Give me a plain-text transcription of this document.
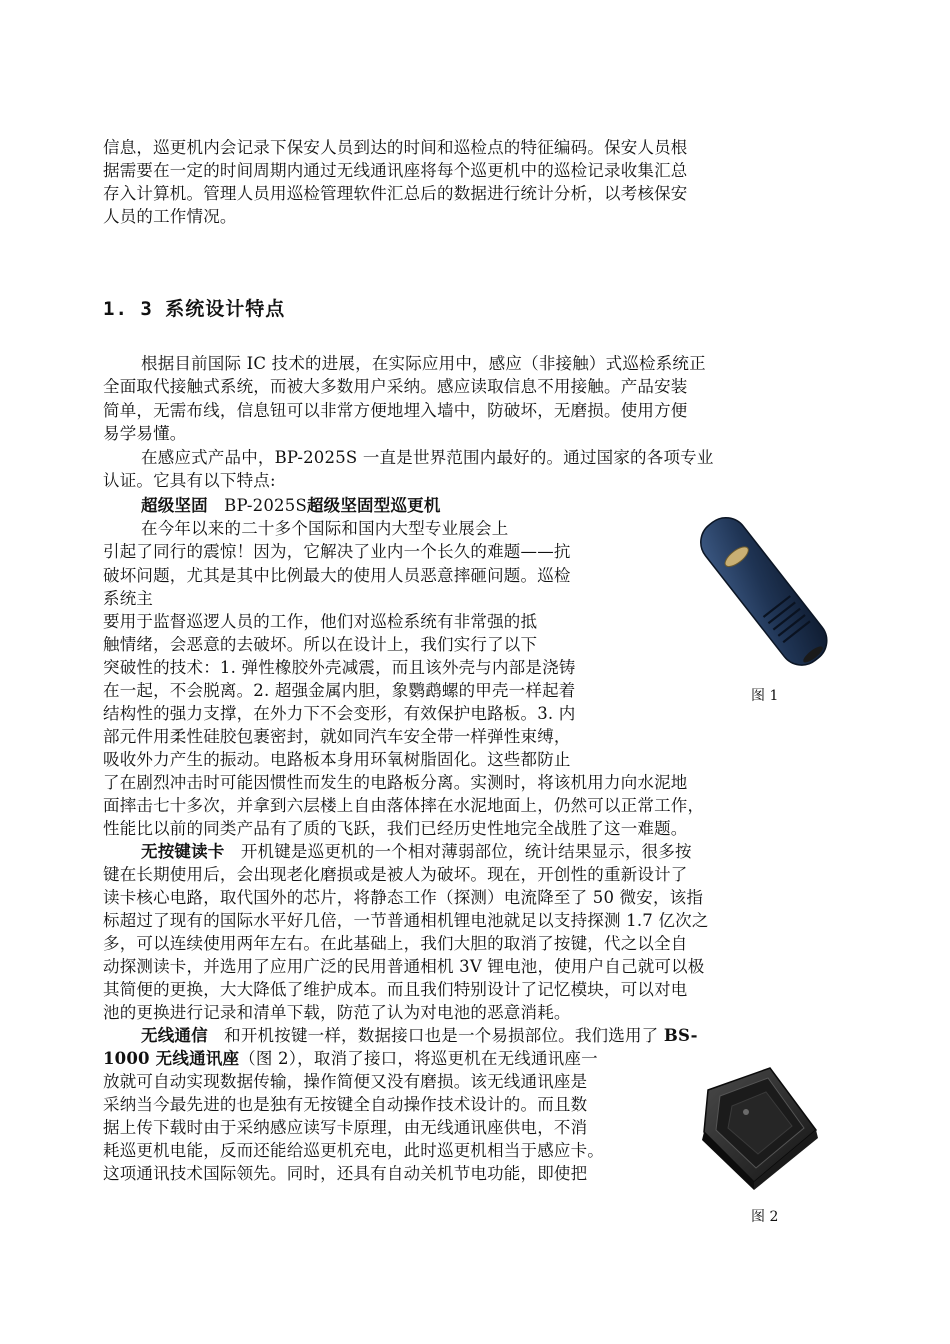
信息，巡更机内会记录下保安人员到达的时间和巡检点的特征编码。保安人员根
据需要在一定的时间周期内通过无线通讯座将每个巡更机中的巡检记录收集汇总
存入计算机。管理人员用巡检管理软件汇总后的数据进行统计分析，以考核保安
人员的工作情况。
1. 3 系统设计特点
根据目前国际 IC 技术的进展，在实际应用中，感应（非接触）式巡检系统正
全面取代接触式系统，而被大多数用户采纳。感应读取信息不用接触。产品安装
简单，无需布线，信息钮可以非常方便地埋入墙中，防破坏，无磨损。使用方便
易学易懂。
在感应式产品中，BP-2025S 一直是世界范围内最好的。通过国家的各项专业
认证。它具有以下特点:
超级坚固 BP-2025S超级坚固型巡更机
在今年以来的二十多个国际和国内大型专业展会上
引起了同行的震惊！因为，它解决了业内一个长久的难题——抗
破坏问题，尤其是其中比例最大的使用人员恶意摔砸问题。巡检
系统主
要用于监督巡逻人员的工作，他们对巡检系统有非常强的抵
触情绪，会恶意的去破坏。所以在设计上，我们实行了以下
突破性的技术：1. 弹性橡胶外壳减震，而且该外壳与内部是浇铸
在一起，不会脱离。2. 超强金属内胆，象鹦鹉螺的甲壳一样起着
结构性的强力支撑，在外力下不会变形，有效保护电路板。3. 内
部元件用柔性硅胶包裹密封，就如同汽车安全带一样弹性束缚，
吸收外力产生的振动。电路板本身用环氧树脂固化。这些都防止
了在剧烈冲击时可能因惯性而发生的电路板分离。实测时，将该机用力向水泥地
面摔击七十多次，并拿到六层楼上自由落体摔在水泥地面上，仍然可以正常工作，
性能比以前的同类产品有了质的飞跃，我们已经历史性地完全战胜了这一难题。
图 1
无按键读卡 开机键是巡更机的一个相对薄弱部位，统计结果显示，很多按
键在长期使用后，会出现老化磨损或是被人为破坏。现在，开创性的重新设计了
读卡核心电路，取代国外的芯片，将静态工作（探测）电流降至了 50 微安，该指
标超过了现有的国际水平好几倍，一节普通相机锂电池就足以支持探测 1.7 亿次之
多，可以连续使用两年左右。在此基础上，我们大胆的取消了按键，代之以全自
动探测读卡，并选用了应用广泛的民用普通相机 3V 锂电池，使用户自己就可以极
其简便的更换，大大降低了维护成本。而且我们特别设计了记忆模块，可以对电
池的更换进行记录和清单下载，防范了认为对电池的恶意消耗。
无线通信 和开机按键一样，数据接口也是一个易损部位。我们选用了 BS-
1000 无线通讯座（图 2），取消了接口，将巡更机在无线通讯座一
放就可自动实现数据传输，操作简便又没有磨损。该无线通讯座是
采纳当今最先进的也是独有无按键全自动操作技术设计的。而且数
据上传下载时由于采纳感应读写卡原理，由无线通讯座供电，不消
耗巡更机电能，反而还能给巡更机充电，此时巡更机相当于感应卡。
这项通讯技术国际领先。同时，还具有自动关机节电功能，即使把
图 2
